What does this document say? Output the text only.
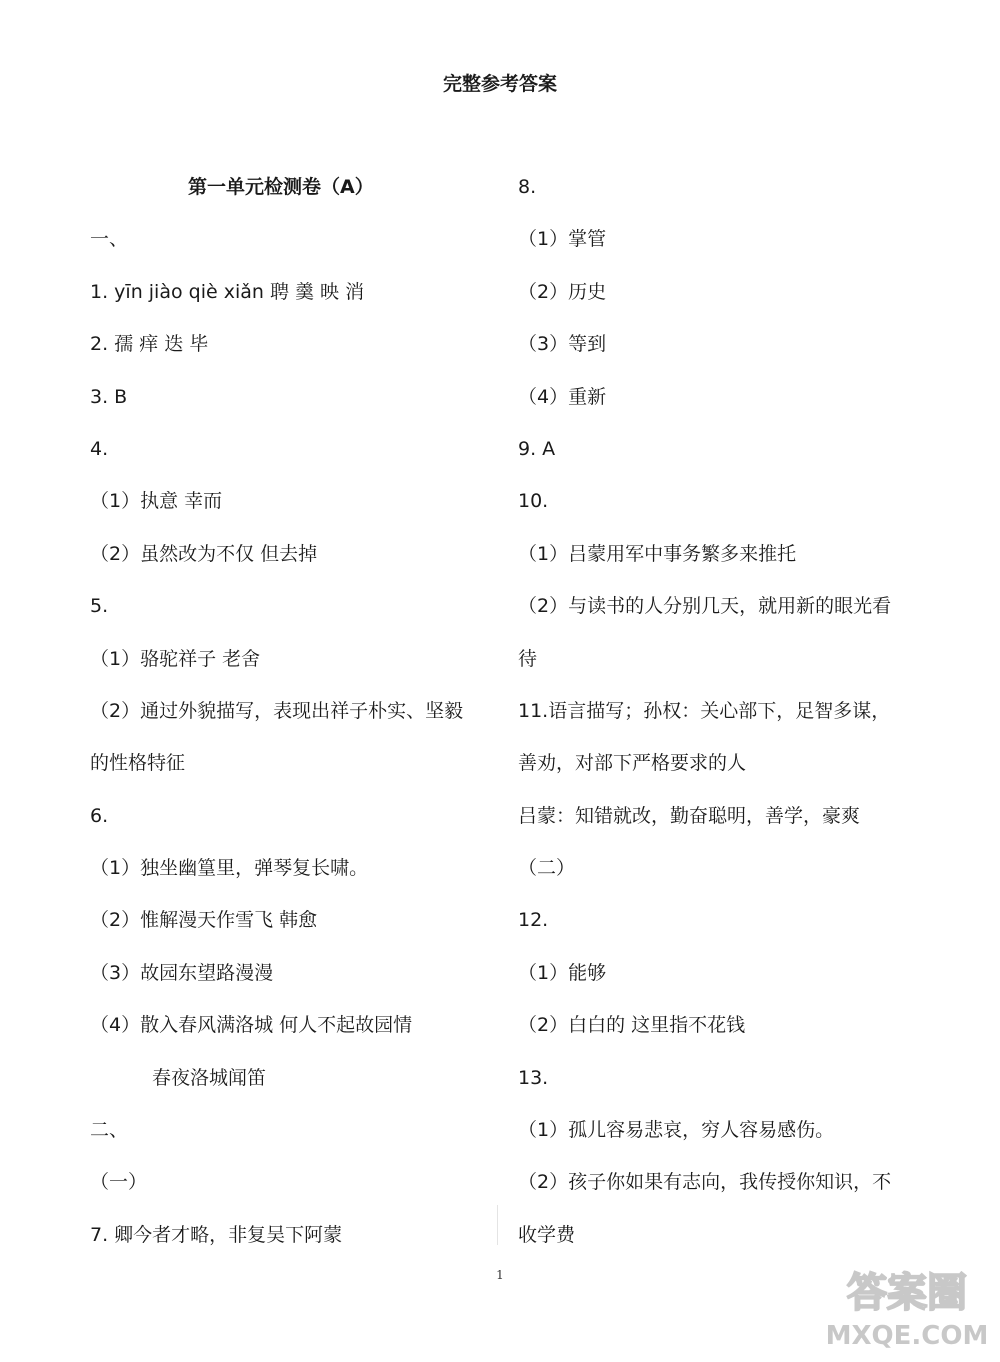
完整参考答案
第一单元检测卷（A）
一、
1. yīn jiào qiè xiǎn 聘 羹 映 消
2. 孺 痒 迭 毕
3. B
4.
（1）执意 幸而
（2）虽然改为不仅 但去掉
5.
（1）骆驼祥子 老舍
（2）通过外貌描写，表现出祥子朴实、坚毅
的性格特征
6.
（1）独坐幽篁里，弹琴复长啸。
（2）惟解漫天作雪飞 韩愈
（3）故园东望路漫漫
（4）散入春风满洛城 何人不起故园情
春夜洛城闻笛
二、
（一）
7. 卿今者才略，非复吴下阿蒙
8.
（1）掌管
（2）历史
（3）等到
（4）重新
9. A
10.
（1）吕蒙用军中事务繁多来推托
（2）与读书的人分别几天，就用新的眼光看
待
11.语言描写；孙权：关心部下，足智多谋，
善劝，对部下严格要求的人
吕蒙：知错就改，勤奋聪明，善学，豪爽
（二）
12.
（1）能够
（2）白白的 这里指不花钱
13.
（1）孤儿容易悲哀，穷人容易感伤。
（2）孩子你如果有志向，我传授你知识，不
收学费
1	答案圈
MXQE.COM
